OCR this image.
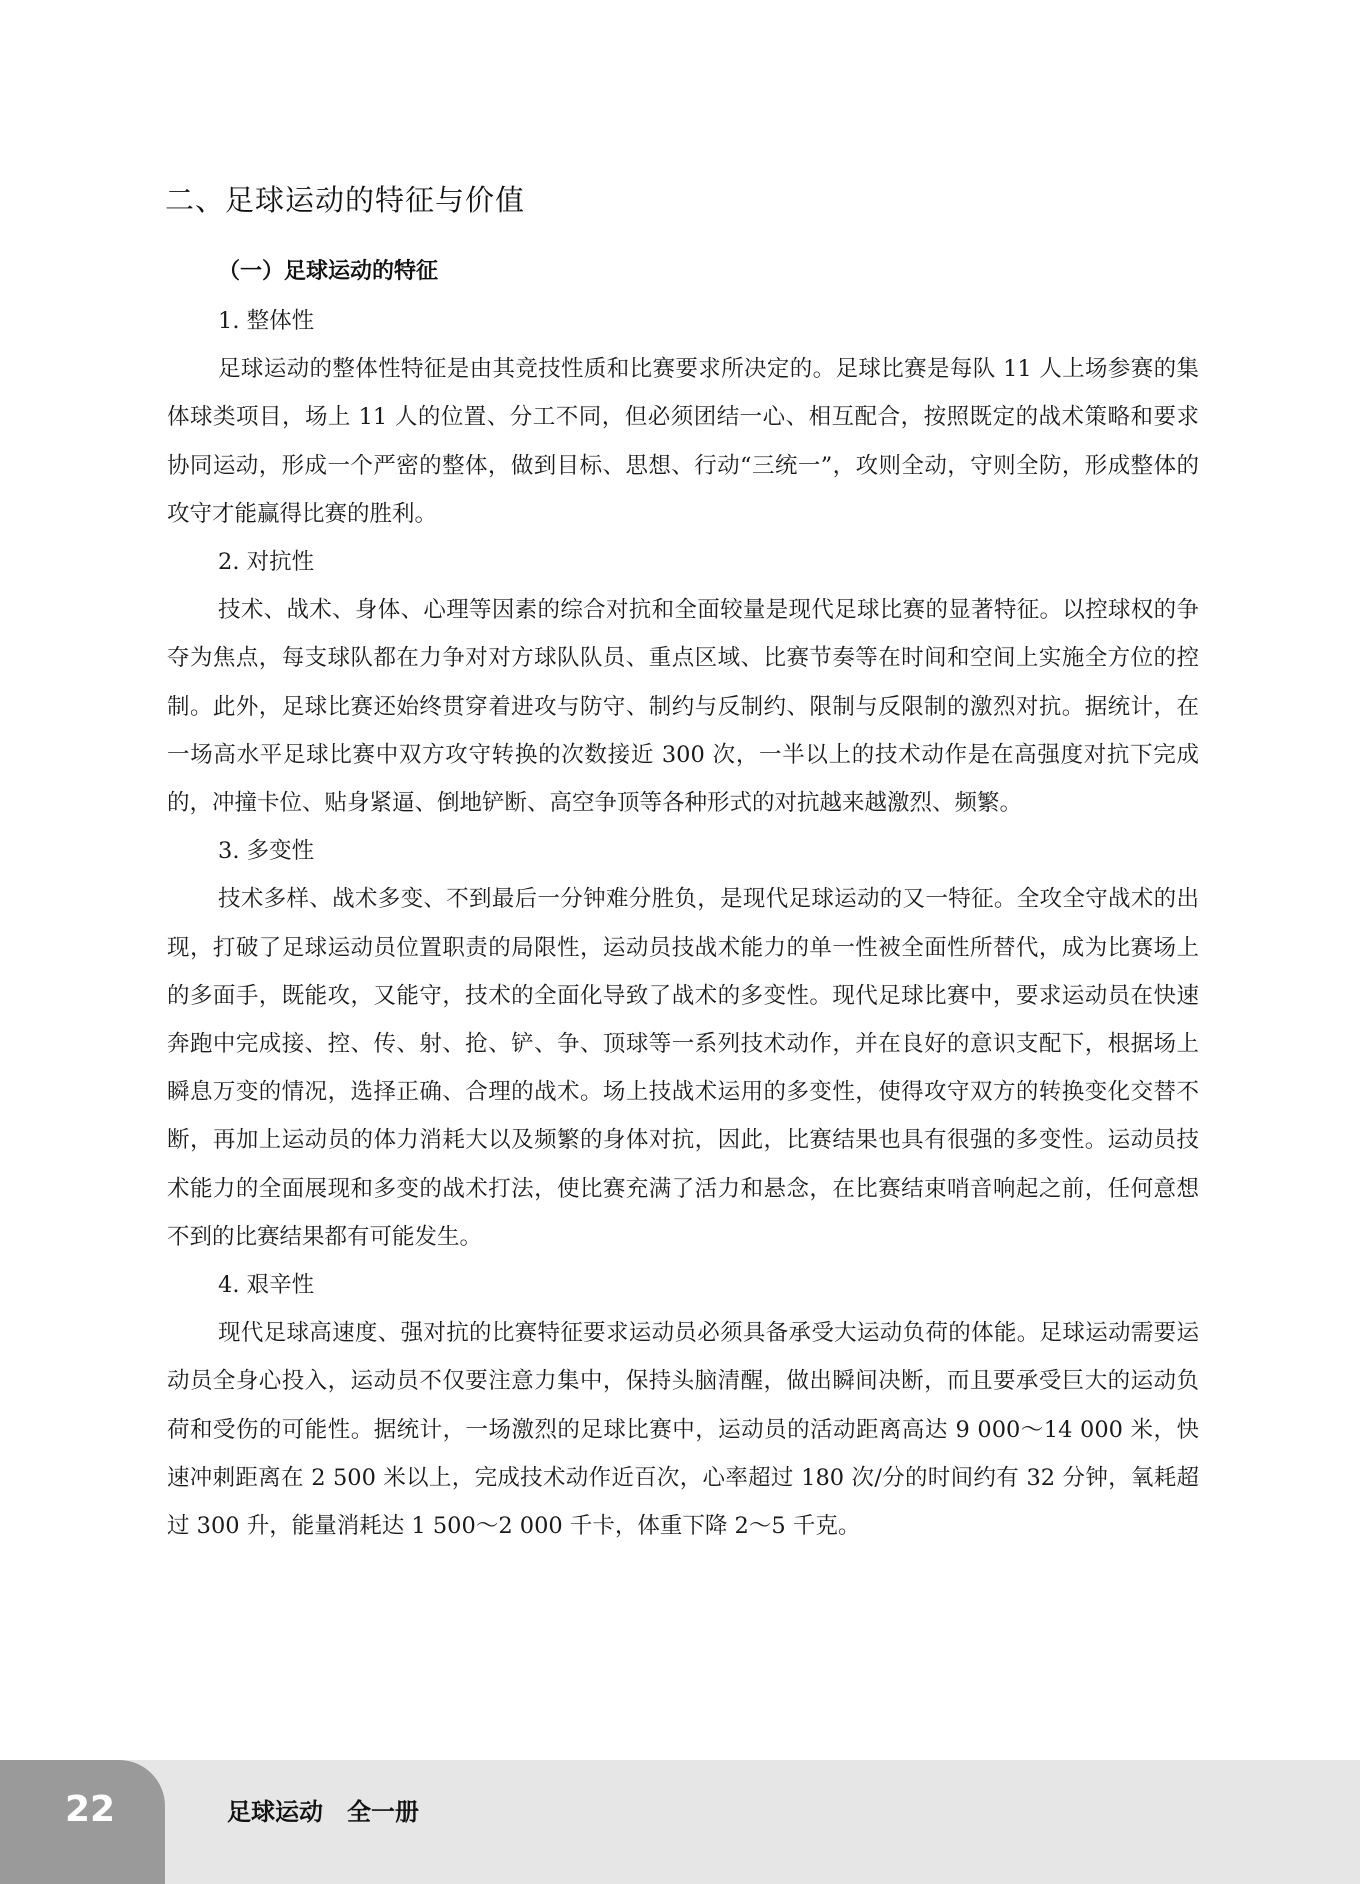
二、足球运动的特征与价值
（一）足球运动的特征

1. 整体性

足球运动的整体性特征是由其竞技性质和比赛要求所决定的。足球比赛是每队 11 人上场参赛的集体球类项目，场上 11 人的位置、分工不同，但必须团结一心、相互配合，按照既定的战术策略和要求协同运动，形成一个严密的整体，做到目标、思想、行动“三统一”，攻则全动，守则全防，形成整体的攻守才能赢得比赛的胜利。

2. 对抗性

技术、战术、身体、心理等因素的综合对抗和全面较量是现代足球比赛的显著特征。以控球权的争夺为焦点，每支球队都在力争对对方球队队员、重点区域、比赛节奏等在时间和空间上实施全方位的控制。此外，足球比赛还始终贯穿着进攻与防守、制约与反制约、限制与反限制的激烈对抗。据统计，在一场高水平足球比赛中双方攻守转换的次数接近 300 次，一半以上的技术动作是在高强度对抗下完成的，冲撞卡位、贴身紧逼、倒地铲断、高空争顶等各种形式的对抗越来越激烈、频繁。

3. 多变性

技术多样、战术多变、不到最后一分钟难分胜负，是现代足球运动的又一特征。全攻全守战术的出现，打破了足球运动员位置职责的局限性，运动员技战术能力的单一性被全面性所替代，成为比赛场上的多面手，既能攻，又能守，技术的全面化导致了战术的多变性。现代足球比赛中，要求运动员在快速奔跑中完成接、控、传、射、抢、铲、争、顶球等一系列技术动作，并在良好的意识支配下，根据场上瞬息万变的情况，选择正确、合理的战术。场上技战术运用的多变性，使得攻守双方的转换变化交替不断，再加上运动员的体力消耗大以及频繁的身体对抗，因此，比赛结果也具有很强的多变性。运动员技术能力的全面展现和多变的战术打法，使比赛充满了活力和悬念，在比赛结束哨音响起之前，任何意想不到的比赛结果都有可能发生。

4. 艰辛性

现代足球高速度、强对抗的比赛特征要求运动员必须具备承受大运动负荷的体能。足球运动需要运动员全身心投入，运动员不仅要注意力集中，保持头脑清醒，做出瞬间决断，而且要承受巨大的运动负荷和受伤的可能性。据统计，一场激烈的足球比赛中，运动员的活动距离高达 9 000～14 000 米，快速冲刺距离在 2 500 米以上，完成技术动作近百次，心率超过 180 次/分的时间约有 32 分钟，氧耗超过 300 升，能量消耗达 1 500～2 000 千卡，体重下降 2～5 千克。

22	足球运动　全一册
